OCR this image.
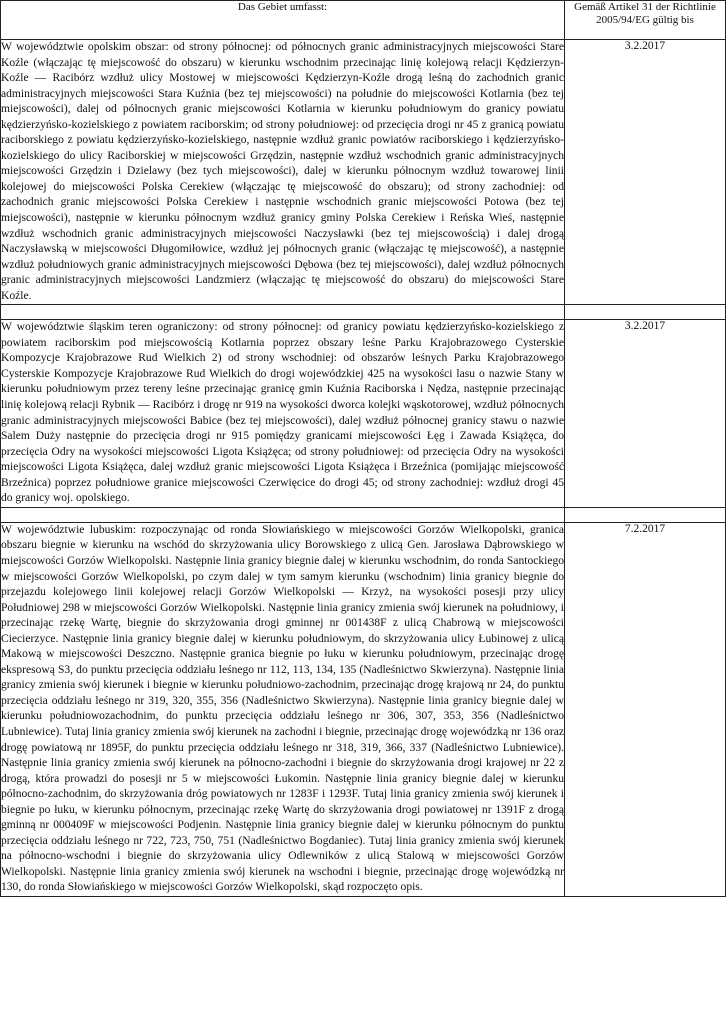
Das Gebiet umfasst:	Gemäß Artikel 31 der Richtlinie 2005/94/EG gültig bis
W województwie opolskim obszar: od strony północnej: od północnych granic administracyjnych miejscowości Stare Koźle (włączając tę miejscowość do obszaru) w kierunku wschodnim przecinając linię kolejową relacji Kędzierzyn-Koźle — Racibórz wzdłuż ulicy Mostowej w miejscowości Kędzierzyn-Koźle drogą leśną do zachodnich granic administracyjnych miejscowości Stara Kuźnia (bez tej miejscowości) na południe do miejscowości Kotlarnia (bez tej miejscowości), dalej od północnych granic miejscowości Kotlarnia w kierunku południowym do granicy powiatu kędzierzyńsko-kozielskiego z powiatem raciborskim; od strony południowej: od przecięcia drogi nr 45 z granicą powiatu raciborskiego z powiatu kędzierzyńsko-kozielskiego, następnie wzdłuż granic powiatów raciborskiego i kędzierzyńsko-kozielskiego do ulicy Raciborskiej w miejscowości Grzędzin, następnie wzdłuż wschodnich granic administracyjnych miejscowości Grzędzin i Dzielawy (bez tych miejscowości), dalej w kierunku północnym wzdłuż towarowej linii kolejowej do miejscowości Polska Cerekiew (włączając tę miejscowość do obszaru); od strony zachodniej: od zachodnich granic miejscowości Polska Cerekiew i następnie wschodnich granic miejscowości Potowa (bez tej miejscowości), następnie w kierunku północnym wzdłuż granicy gminy Polska Cerekiew i Reńska Wieś, następnie wzdłuż wschodnich granic administracyjnych miejscowości Naczysławki (bez tej miejscowością) i dalej drogą Naczysławską w miejscowości Długomiłowice, wzdłuż jej północnych granic (włączając tę miejscowość), a następnie wzdłuż południowych granic administracyjnych miejscowości Dębowa (bez tej miejscowości), dalej wzdłuż północnych granic administracyjnych miejscowości Landzmierz (włączając tę miejscowość do obszaru) do miejscowości Stare Koźle.	3.2.2017

W województwie śląskim teren ograniczony: od strony północnej: od granicy powiatu kędzierzyńsko-kozielskiego z powiatem raciborskim pod miejscowością Kotlarnia poprzez obszary leśne Parku Krajobrazowego Cysterskie Kompozycje Krajobrazowe Rud Wielkich 2) od strony wschodniej: od obszarów leśnych Parku Krajobrazowego Cysterskie Kompozycje Krajobrazowe Rud Wielkich do drogi wojewódzkiej 425 na wysokości lasu o nazwie Stany w kierunku południowym przez tereny leśne przecinając granicę gmin Kuźnia Raciborska i Nędza, następnie przecinając linię kolejową relacji Rybnik — Racibórz i drogę nr 919 na wysokości dworca kolejki wąskotorowej, wzdłuż północnych granic administracyjnych miejscowości Babice (bez tej miejscowości), dalej wzdłuż północnej granicy stawu o nazwie Salem Duży następnie do przecięcia drogi nr 915 pomiędzy granicami miejscowości Łęg i Zawada Książęca, do przecięcia Odry na wysokości miejscowości Ligota Książęca; od strony południowej: od przecięcia Odry na wysokości miejscowości Ligota Książęca, dalej wzdłuż granic miejscowości Ligota Książęca i Brzeźnica (pomijając miejscowość Brzeźnica) poprzez południowe granice miejscowości Czerwięcice do drogi 45; od strony zachodniej: wzdłuż drogi 45 do granicy woj. opolskiego.	3.2.2017

W województwie lubuskim: rozpoczynając od ronda Słowiańskiego w miejscowości Gorzów Wielkopolski, granica obszaru biegnie w kierunku na wschód do skrzyżowania ulicy Borowskiego z ulicą Gen. Jarosława Dąbrowskiego w miejscowości Gorzów Wielkopolski. Następnie linia granicy biegnie dalej w kierunku wschodnim, do ronda Santockiego w miejscowości Gorzów Wielkopolski, po czym dalej w tym samym kierunku (wschodnim) linia granicy biegnie do przejazdu kolejowego linii kolejowej relacji Gorzów Wielkopolski — Krzyż, na wysokości posesji przy ulicy Południowej 298 w miejscowości Gorzów Wielkopolski. Następnie linia granicy zmienia swój kierunek na południowy, i przecinając rzekę Wartę, biegnie do skrzyżowania drogi gminnej nr 001438F z ulicą Chabrową w miejscowości Ciecierzyce. Następnie linia granicy biegnie dalej w kierunku południowym, do skrzyżowania ulicy Łubinowej z ulicą Makową w miejscowości Deszczno. Następnie granica biegnie po łuku w kierunku południowym, przecinając drogę ekspresową S3, do punktu przecięcia oddziału leśnego nr 112, 113, 134, 135 (Nadleśnictwo Skwierzyna). Następnie linia granicy zmienia swój kierunek i biegnie w kierunku południowo-zachodnim, przecinając drogę krajową nr 24, do punktu przecięcia oddziału leśnego nr 319, 320, 355, 356 (Nadleśnictwo Skwierzyna). Następnie linia granicy biegnie dalej w kierunku południowozachodnim, do punktu przecięcia oddziału leśnego nr 306, 307, 353, 356 (Nadleśnictwo Lubniewice). Tutaj linia granicy zmienia swój kierunek na zachodni i biegnie, przecinając drogę wojewódzką nr 136 oraz drogę powiatową nr 1895F, do punktu przecięcia oddziału leśnego nr 318, 319, 366, 337 (Nadleśnictwo Lubniewice). Następnie linia granicy zmienia swój kierunek na północno-zachodni i biegnie do skrzyżowania drogi krajowej nr 22 z drogą, która prowadzi do posesji nr 5 w miejscowości Łukomin. Następnie linia granicy biegnie dalej w kierunku północno-zachodnim, do skrzyżowania dróg powiatowych nr 1283F i 1293F. Tutaj linia granicy zmienia swój kierunek i biegnie po łuku, w kierunku północnym, przecinając rzekę Wartę do skrzyżowania drogi powiatowej nr 1391F z drogą gminną nr 000409F w miejscowości Podjenin. Następnie linia granicy biegnie dalej w kierunku północnym do punktu przecięcia oddziału leśnego nr 722, 723, 750, 751 (Nadleśnictwo Bogdaniec). Tutaj linia granicy zmienia swój kierunek na północno-wschodni i biegnie do skrzyżowania ulicy Odlewników z ulicą Stalową w miejscowości Gorzów Wielkopolski. Następnie linia granicy zmienia swój kierunek na wschodni i biegnie, przecinając drogę wojewódzką nr 130, do ronda Słowiańskiego w miejscowości Gorzów Wielkopolski, skąd rozpoczęto opis.	7.2.2017
